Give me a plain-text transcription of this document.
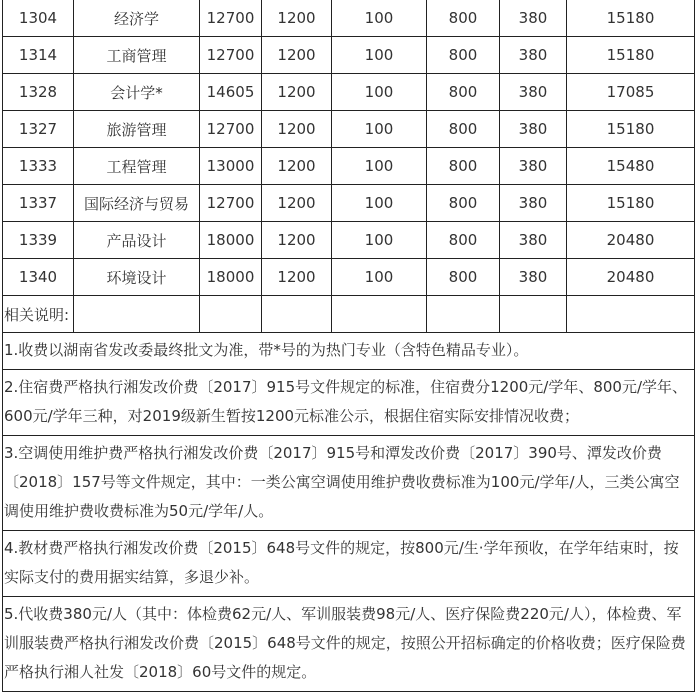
1304	经济学	12700	1200	100	800	380	15180
1314	工商管理	12700	1200	100	800	380	15180
1328	会计学*	14605	1200	100	800	380	17085
1327	旅游管理	12700	1200	100	800	380	15180
1333	工程管理	13000	1200	100	800	380	15480
1337	国际经济与贸易	12700	1200	100	800	380	15180
1339	产品设计	18000	1200	100	800	380	20480
1340	环境设计	18000	1200	100	800	380	20480
相关说明:							
1.收费以湖南省发改委最终批文为准，带*号的为热门专业（含特色精品专业）。							
2.住宿费严格执行湘发改价费〔2017〕915号文件规定的标准，住宿费分1200元/学年、800元/学年、600元/学年三种，对2019级新生暂按1200元标准公示，根据住宿实际安排情况收费；							
3.空调使用维护费严格执行湘发改价费〔2017〕915号和潭发改价费〔2017〕390号、潭发改价费〔2018〕157号等文件规定，其中：一类公寓空调使用维护费收费标准为100元/学年/人，三类公寓空调使用维护费收费标准为50元/学年/人。							
4.教材费严格执行湘发改价费〔2015〕648号文件的规定，按800元/生·学年预收，在学年结束时，按实际支付的费用据实结算，多退少补。							
5.代收费380元/人（其中：体检费62元/人、军训服装费98元/人、医疗保险费220元/人），体检费、军训服装费严格执行湘发改价费〔2015〕648号文件的规定，按照公开招标确定的价格收费；医疗保险费严格执行湘人社发〔2018〕60号文件的规定。							
